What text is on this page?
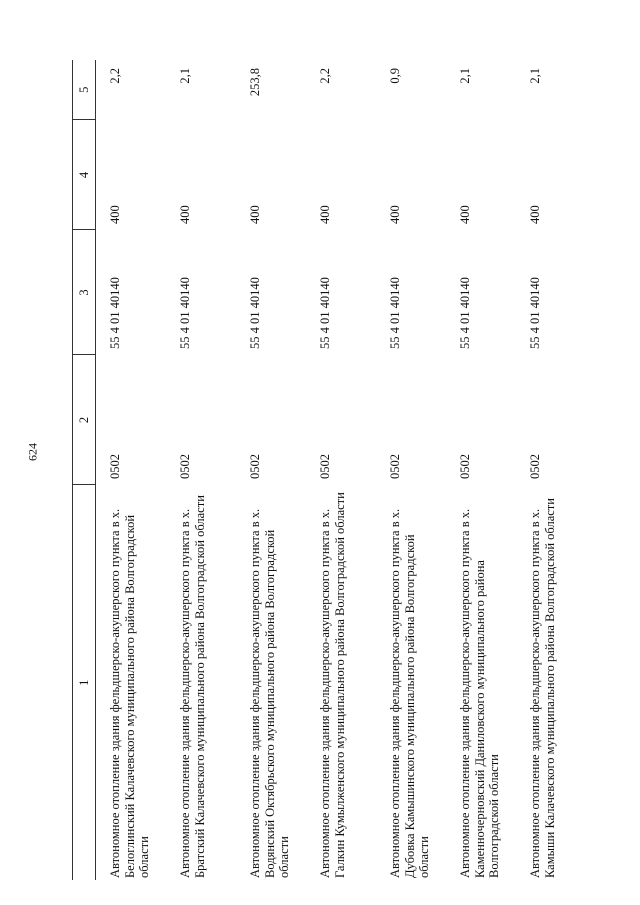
624
1	2	3	4	5
Автономное отопление здания фельдшерско-акушерского пункта в х. Белоглинский Калачевского муниципального района Волгоградской области	0502	55 4 01 40140	400	2,2
Автономное отопление здания фельдшерско-акушерского пункта в х. Братский Калачевского муниципального района Волгоградской области	0502	55 4 01 40140	400	2,1
Автономное отопление здания фельдшерско-акушерского пункта в х. Водянский Октябрьского муниципального района Волгоградской области	0502	55 4 01 40140	400	253,8
Автономное отопление здания фельдшерско-акушерского пункта в х. Галкин Кумылженского муниципального района Волгоградской области	0502	55 4 01 40140	400	2,2
Автономное отопление здания фельдшерско-акушерского пункта в х. Дубовка Камышинского муниципального района Волгоградской области	0502	55 4 01 40140	400	0,9
Автономное отопление здания фельдшерско-акушерского пункта в х. Каменночерновский Даниловского муниципального района Волгоградской области	0502	55 4 01 40140	400	2,1
Автономное отопление здания фельдшерско-акушерского пункта в х. Камыши Калачевского муниципального района Волгоградской области	0502	55 4 01 40140	400	2,1
